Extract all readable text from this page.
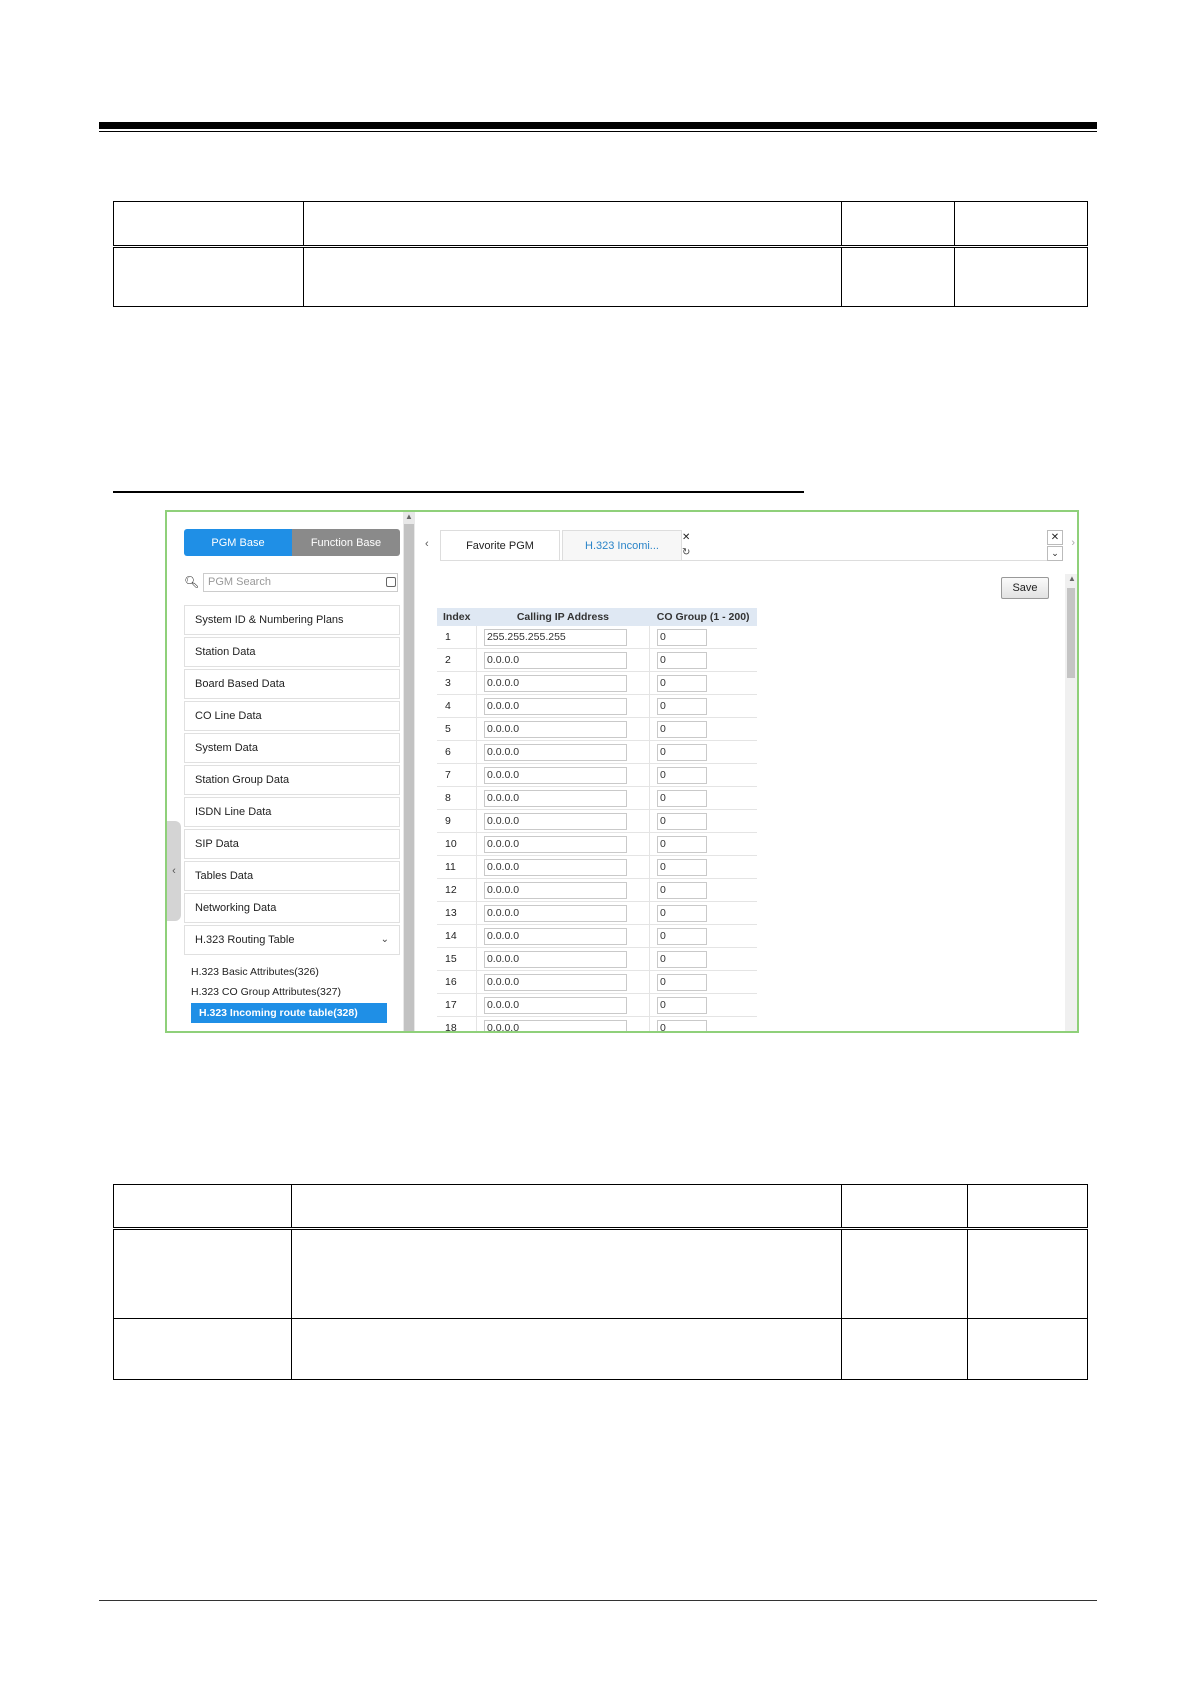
PGM Base	Function Base
🔍︎ PGM Search
System ID & Numbering Plans
Station Data
Board Based Data
CO Line Data
System Data
Station Group Data
ISDN Line Data
SIP Data
Tables Data
Networking Data
H.323 Routing Table	⌄
H.323 Basic Attributes(326)
H.323 CO Group Attributes(327)
H.323 Incoming route table(328)
‹
▲
‹	Favorite PGM	H.323 Incomi...
✕
↻
✕
⌄
›
Save
Index	Calling IP Address	CO Group (1 - 200)
1	255.255.255.255	0

2	0.0.0.0	0

3	0.0.0.0	0

4	0.0.0.0	0

5	0.0.0.0	0

6	0.0.0.0	0

7	0.0.0.0	0

8	0.0.0.0	0

9	0.0.0.0	0

10	0.0.0.0	0

11	0.0.0.0	0

12	0.0.0.0	0

13	0.0.0.0	0

14	0.0.0.0	0

15	0.0.0.0	0

16	0.0.0.0	0

17	0.0.0.0	0

18	0.0.0.0	0
▲
